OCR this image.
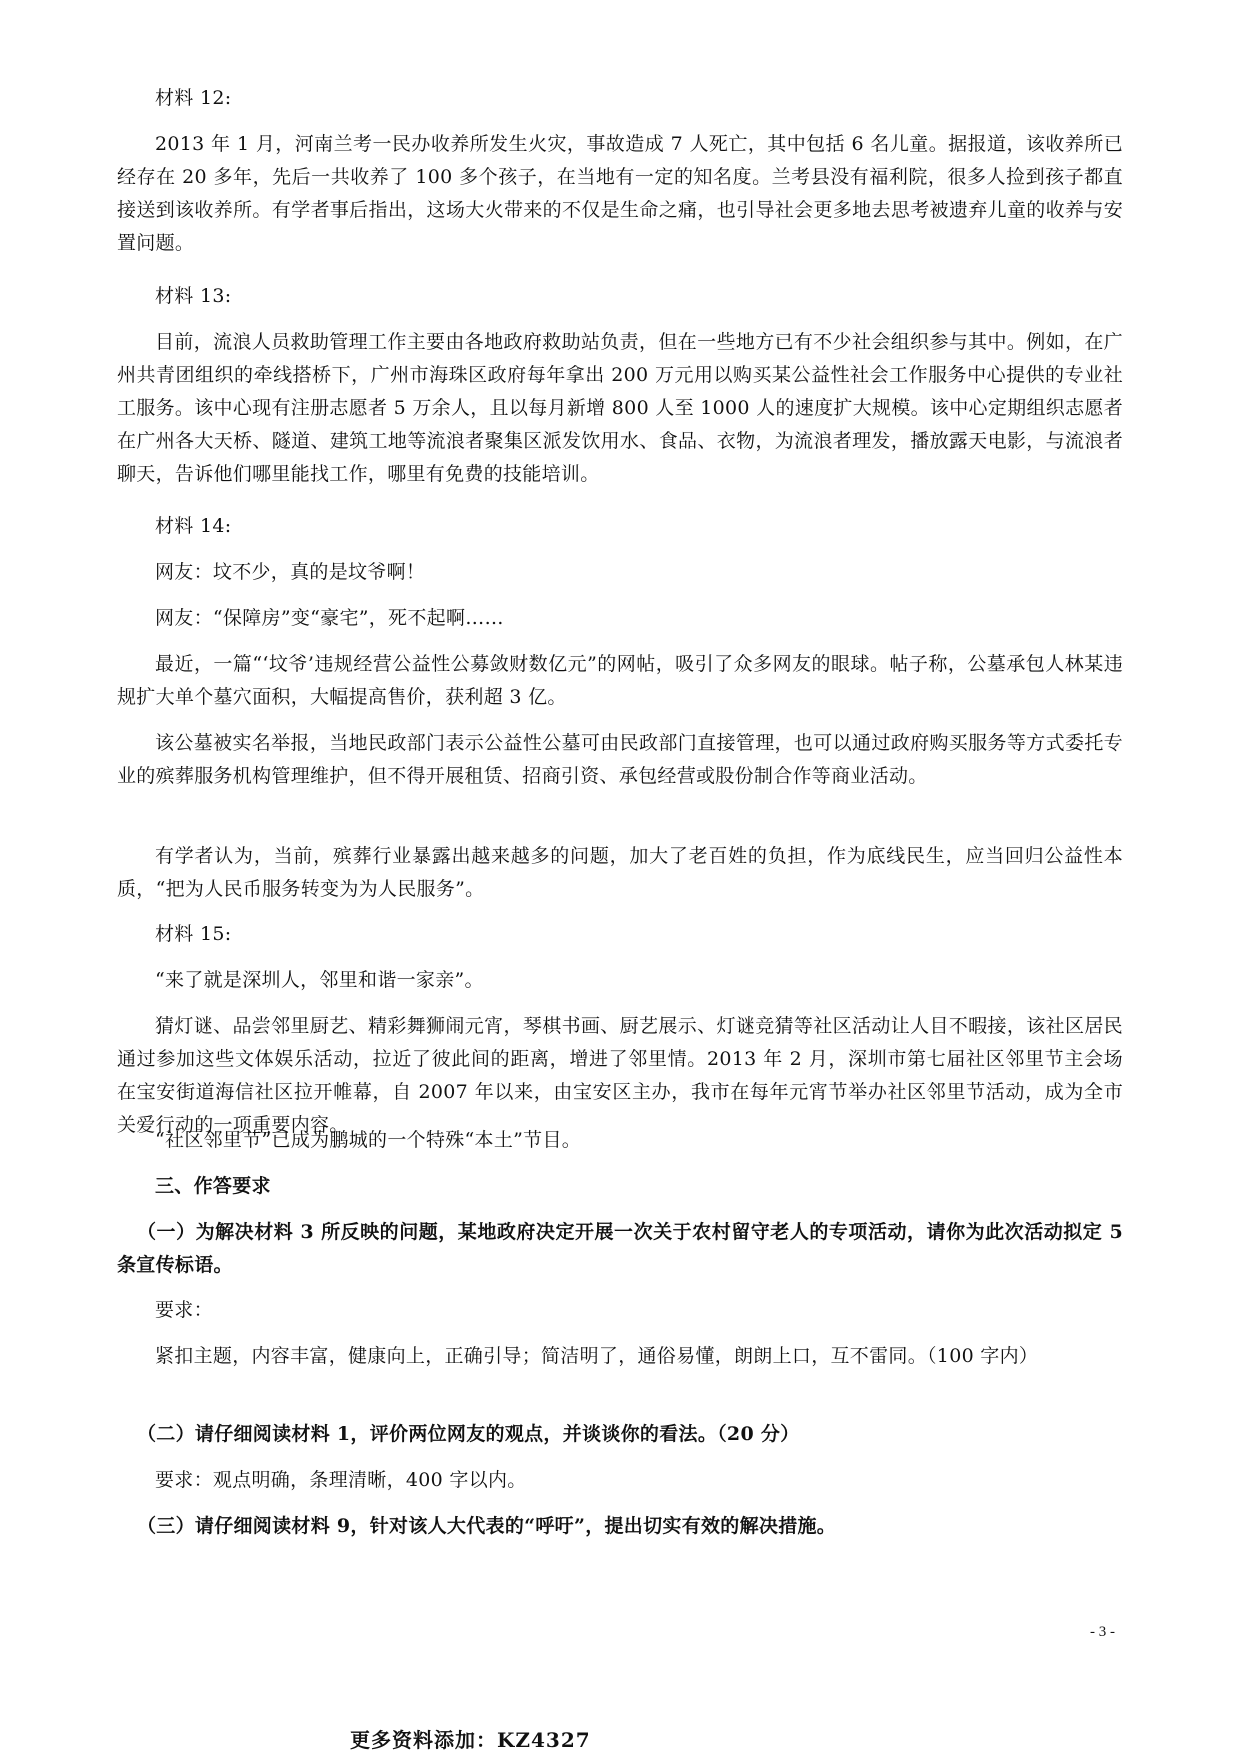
材料 12:
2013 年 1 月，河南兰考一民办收养所发生火灾，事故造成 7 人死亡，其中包括 6 名儿童。据报道，该收养所已经存在 20 多年，先后一共收养了 100 多个孩子，在当地有一定的知名度。兰考县没有福利院，很多人捡到孩子都直接送到该收养所。有学者事后指出，这场大火带来的不仅是生命之痛，也引导社会更多地去思考被遗弃儿童的收养与安置问题。
材料 13:
目前，流浪人员救助管理工作主要由各地政府救助站负责，但在一些地方已有不少社会组织参与其中。例如，在广州共青团组织的牵线搭桥下，广州市海珠区政府每年拿出 200 万元用以购买某公益性社会工作服务中心提供的专业社工服务。该中心现有注册志愿者 5 万余人，且以每月新增 800 人至 1000 人的速度扩大规模。该中心定期组织志愿者在广州各大天桥、隧道、建筑工地等流浪者聚集区派发饮用水、食品、衣物，为流浪者理发，播放露天电影，与流浪者聊天，告诉他们哪里能找工作，哪里有免费的技能培训。
材料 14:
网友：坟不少，真的是坟爷啊！
网友：“保障房”变“豪宅”，死不起啊……
最近，一篇“‘坟爷’违规经营公益性公募敛财数亿元”的网帖，吸引了众多网友的眼球。帖子称，公墓承包人林某违规扩大单个墓穴面积，大幅提高售价，获利超 3 亿。
该公墓被实名举报，当地民政部门表示公益性公墓可由民政部门直接管理，也可以通过政府购买服务等方式委托专业的殡葬服务机构管理维护，但不得开展租赁、招商引资、承包经营或股份制合作等商业活动。
有学者认为，当前，殡葬行业暴露出越来越多的问题，加大了老百姓的负担，作为底线民生，应当回归公益性本质，“把为人民币服务转变为为人民服务”。
材料 15:
“来了就是深圳人，邻里和谐一家亲”。
猜灯谜、品尝邻里厨艺、精彩舞狮闹元宵，琴棋书画、厨艺展示、灯谜竞猜等社区活动让人目不暇接，该社区居民通过参加这些文体娱乐活动，拉近了彼此间的距离，增进了邻里情。2013 年 2 月，深圳市第七届社区邻里节主会场在宝安街道海信社区拉开帷幕，自 2007 年以来，由宝安区主办，我市在每年元宵节举办社区邻里节活动，成为全市关爱行动的一项重要内容。
“社区邻里节”已成为鹏城的一个特殊“本土”节目。
三、作答要求
（一）为解决材料 3 所反映的问题，某地政府决定开展一次关于农村留守老人的专项活动，请你为此次活动拟定 5 条宣传标语。
要求：
紧扣主题，内容丰富，健康向上，正确引导；简洁明了，通俗易懂，朗朗上口，互不雷同。（100 字内）
（二）请仔细阅读材料 1，评价两位网友的观点，并谈谈你的看法。（20 分）
要求：观点明确，条理清晰，400 字以内。
（三）请仔细阅读材料 9，针对该人大代表的“呼吁”，提出切实有效的解决措施。
- 3 -
更多资料添加：KZ4327
